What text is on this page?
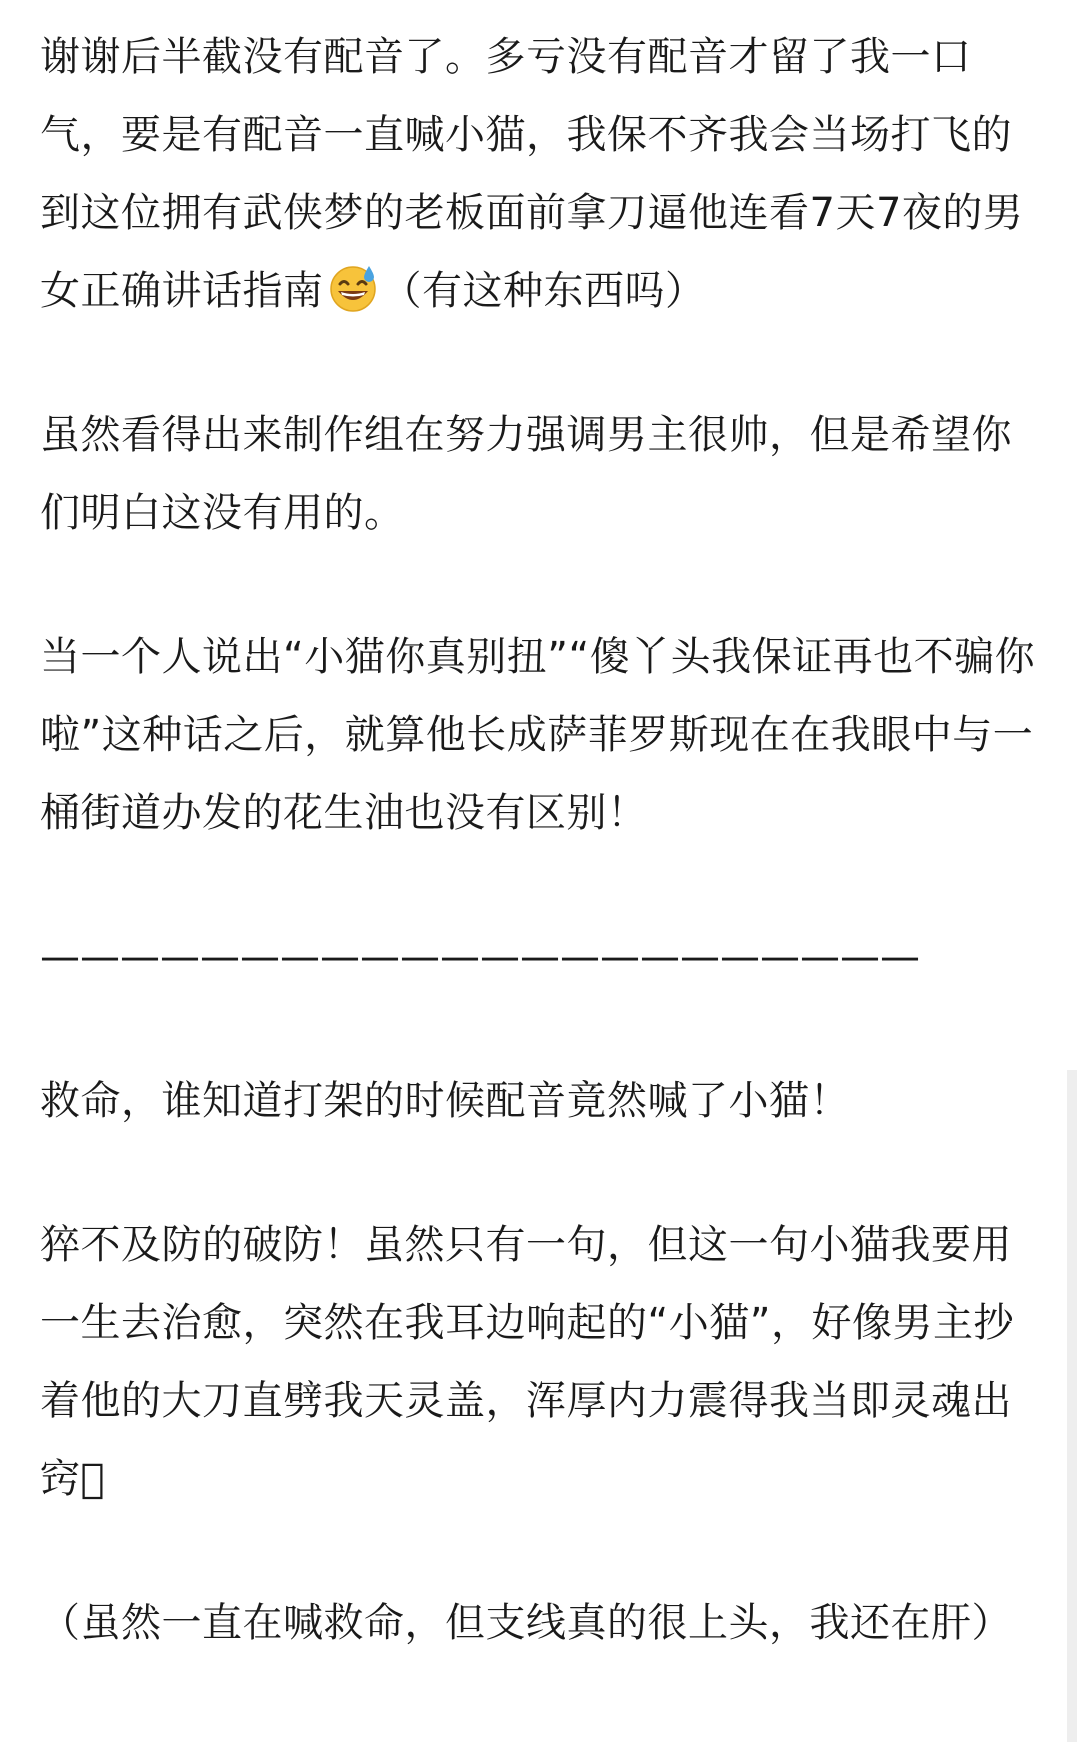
谢谢后半截没有配音了。多亏没有配音才留了我一口气，要是有配音一直喊小猫，我保不齐我会当场打飞的到这位拥有武侠梦的老板面前拿刀逼他连看7天7夜的男女正确讲话指南 （有这种东西吗）

虽然看得出来制作组在努力强调男主很帅，但是希望你们明白这没有用的。

当一个人说出“小猫你真别扭”“傻丫头我保证再也不骗你啦”这种话之后，就算他长成萨菲罗斯现在在我眼中与一桶街道办发的花生油也没有区别！

——————————————————————

救命，谁知道打架的时候配音竟然喊了小猫！

猝不及防的破防！虽然只有一句，但这一句小猫我要用一生去治愈，突然在我耳边响起的“小猫”，好像男主抄着他的大刀直劈我天灵盖，浑厚内力震得我当即灵魂出窍􏰀

（虽然一直在喊救命，但支线真的很上头，我还在肝）
